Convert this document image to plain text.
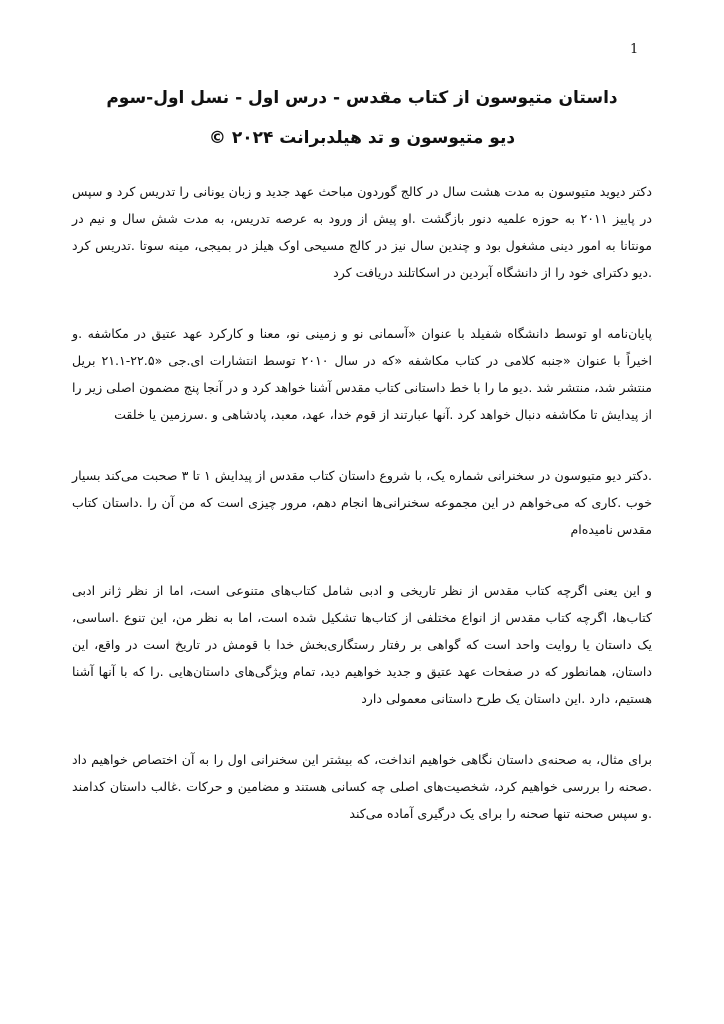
1

داستان متیوسون از کتاب مقدس - درس اول - نسل اول-سوم

دیو متیوسون و تد هیلدبرانت ۲۰۲۴ ©

دکتر دیوید متیوسون به مدت هشت سال در کالج گوردون مباحث عهد جدید و زبان یونانی را تدریس کرد و سپس در پاییز ۲۰۱۱ به حوزه علمیه دنور بازگشت .او پیش از ورود به عرصه تدریس، به مدت شش سال و نیم در مونتانا به امور دینی مشغول بود و چندین سال نیز در کالج مسیحی اوک هیلز در بمیجی، مینه سوتا .تدریس کرد .دیو دکترای خود را از دانشگاه آبردین در اسکاتلند دریافت کرد

پایان‌نامه او توسط دانشگاه شفیلد با عنوان «آسمانی نو و زمینی نو، معنا و کارکرد عهد عتیق در مکاشفه .و اخیراً با عنوان «جنبه کلامی در کتاب مکاشفه «که در سال ۲۰۱۰ توسط انتشارات ای.جی «۲۲.۵-۲۱.۱ بریل منتشر شد، منتشر شد .دیو ما را با خط داستانی کتاب مقدس آشنا خواهد کرد و در آنجا پنج مضمون اصلی زیر را از پیدایش تا مکاشفه دنبال خواهد کرد .آنها عبارتند از قوم خدا، عهد، معبد، پادشاهی و .سرزمین یا خلقت

.دکتر دیو متیوسون در سخنرانی شماره یک، با شروع داستان کتاب مقدس از پیدایش ۱ تا ۳ صحبت می‌کند بسیار خوب .کاری که می‌خواهم در این مجموعه سخنرانی‌ها انجام دهم، مرور چیزی است که من آن را .داستان کتاب مقدس نامیده‌ام

و این یعنی اگرچه کتاب مقدس از نظر تاریخی و ادبی شامل کتاب‌های متنوعی است، اما از نظر ژانر ادبی کتاب‌ها، اگرچه کتاب مقدس از انواع مختلفی از کتاب‌ها تشکیل شده است، اما به نظر من، این تنوع .اساسی، یک داستان یا روایت واحد است که گواهی بر رفتار رستگاری‌بخش خدا با قومش در تاریخ است در واقع، این داستان، همانطور که در صفحات عهد عتیق و جدید خواهیم دید، تمام ویژگی‌های داستان‌هایی .را که با آنها آشنا هستیم، دارد .این داستان یک طرح داستانی معمولی دارد

برای مثال، به صحنه‌ی داستان نگاهی خواهیم انداخت، که بیشتر این سخنرانی اول را به آن اختصاص خواهیم داد .صحنه را بررسی خواهیم کرد، شخصیت‌های اصلی چه کسانی هستند و مضامین و حرکات .غالب داستان کدامند .و سپس صحنه تنها صحنه را برای یک درگیری آماده می‌کند
